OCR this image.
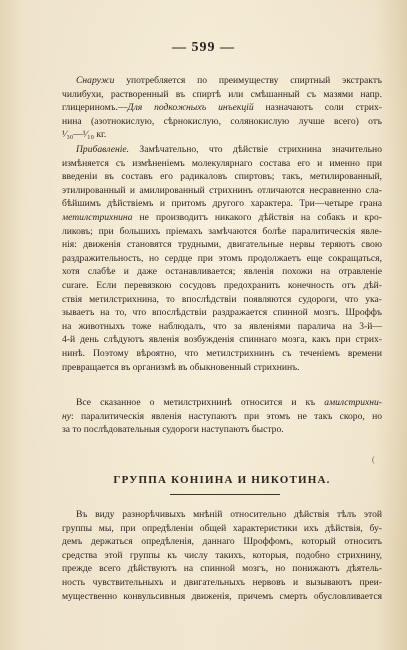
— 599 —
Снаружи употребляется по преимуществу спиртный экстрактъ
чилибухи, растворенный въ спиртѣ или смѣшанный съ мазями напр.
глицериномъ.—Для подкожныхъ инъекцій назначаютъ соли стрих-
нина (азотнокислую, сѣрнокислую, солянокислую лучше всего) отъ
¹⁄₃₀—¹⁄₁₀ кг.
Прибавленіе. Замѣчательно, что дѣйствіе стрихнина значительно
измѣняется съ измѣненіемъ молекулярнаго состава его и именно при
введеніи въ составъ его радикаловъ спиртовъ; такъ, метилированный,
этилированный и амилированный стрихнинъ отличаются несравненно сла-
бѣйшимъ дѣйствіемъ и притомъ другого характера. Три—четыре грана
метилстрихнина не производитъ никакого дѣйствія на собакъ и кро-
ликовъ; при большихъ пріемахъ замѣчаются болѣе паралитическія явле-
нія: движенія становятся трудными, двигательные нервы теряютъ свою
раздражительность, но сердце при этомъ продолжаетъ еще сокращаться,
хотя слабѣе и даже останавливается; явленія похожи на отравленіе
curare. Если перевязкою сосудовъ предохранить конечность отъ дѣй-
ствія метилстрихнина, то впослѣдствіи появляются судороги, что ука-
зываетъ на то, что впослѣдствіи раздражается спинной мозгъ. Шроффъ
на животныхъ тоже наблюдалъ, что за явленіями паралича на 3-й—
4-й день слѣдуютъ явленія возбужденія спиннаго мозга, какъ при стрих-
нинѣ. Поэтому вѣроятно, что метилстрихнинъ съ теченіемъ времени
превращается въ организмѣ въ обыкновенный стрихнинъ.
Все сказанное о метилстрихнинѣ относится и къ амилстрихни-
ну: паралитическія явленія наступаютъ при этомъ не такъ скоро, но
за то послѣдовательныя судороги наступаютъ быстро.
(
ГРУППА КОНІИНА И НИКОТИНА.
Въ виду разнорѣчивыхъ мнѣній относительно дѣйствія тѣлъ этой
группы мы, при опредѣленіи общей характеристики ихъ дѣйствія, бу-
демъ держаться опредѣленія, даннаго Шроффомъ, который относитъ
средства этой группы къ числу такихъ, которыя, подобно стрихнину,
прежде всего дѣйствуютъ на спинной мозгъ, но понижаютъ дѣятель-
ность чувствительныхъ и двигательныхъ нервовъ и вызываютъ преи-
мущественно конвульсивныя движенія, причемъ смерть обусловливается
